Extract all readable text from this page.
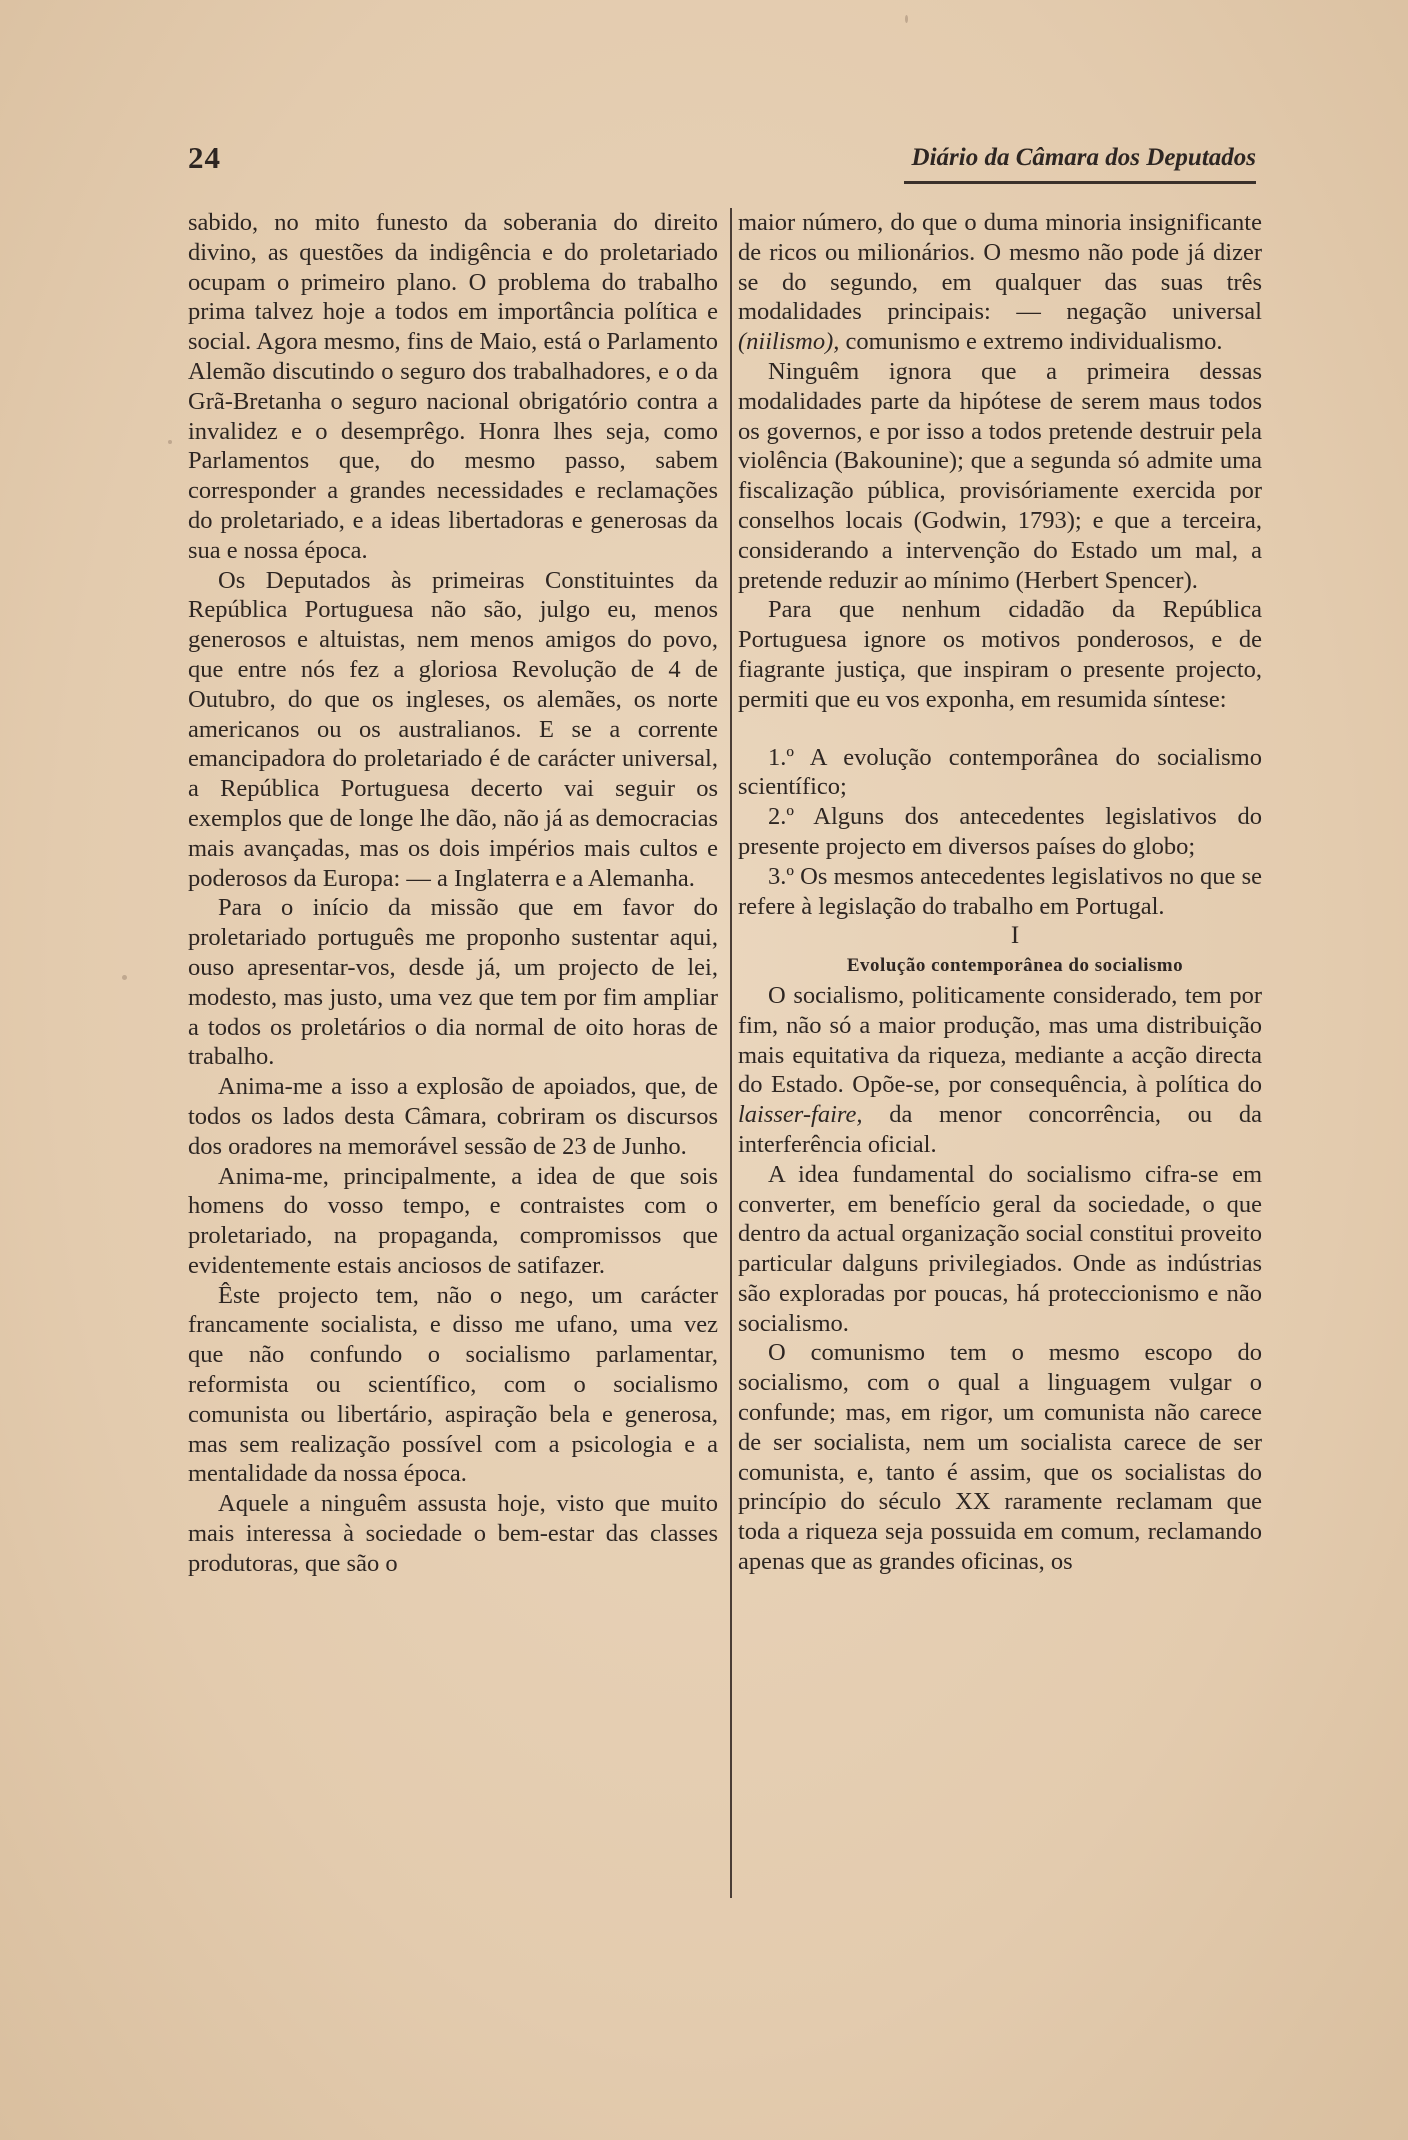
24	Diário da Câmara dos Deputados

sabido, no mito funesto da soberania do direito divino, as questões da indigência e do proletariado ocupam o primeiro plano. O problema do trabalho prima talvez hoje a todos em importância política e social. Agora mesmo, fins de Maio, está o Parlamento Alemão discutindo o seguro dos trabalhadores, e o da Grã-Bretanha o seguro nacional obrigatório contra a invalidez e o desemprêgo. Honra lhes seja, como Parlamentos que, do mesmo passo, sabem corresponder a grandes necessidades e reclamações do proletariado, e a ideas libertadoras e generosas da sua e nossa época.

Os Deputados às primeiras Constituintes da República Portuguesa não são, julgo eu, menos generosos e altuistas, nem menos amigos do povo, que entre nós fez a gloriosa Revolução de 4 de Outubro, do que os ingleses, os alemães, os norte americanos ou os australianos. E se a corrente emancipadora do proletariado é de carácter universal, a República Portuguesa decerto vai seguir os exemplos que de longe lhe dão, não já as democracias mais avançadas, mas os dois impérios mais cultos e poderosos da Europa: — a Inglaterra e a Alemanha.

Para o início da missão que em favor do proletariado português me proponho sustentar aqui, ouso apresentar-vos, desde já, um projecto de lei, modesto, mas justo, uma vez que tem por fim ampliar a todos os proletários o dia normal de oito horas de trabalho.

Anima-me a isso a explosão de apoiados, que, de todos os lados desta Câmara, cobriram os discursos dos oradores na memorável sessão de 23 de Junho.

Anima-me, principalmente, a idea de que sois homens do vosso tempo, e contraistes com o proletariado, na propaganda, compromissos que evidentemente estais anciosos de satifazer.

Êste projecto tem, não o nego, um carácter francamente socialista, e disso me ufano, uma vez que não confundo o socialismo parlamentar, reformista ou scientífico, com o socialismo comunista ou libertário, aspiração bela e generosa, mas sem realização possível com a psicologia e a mentalidade da nossa época.

Aquele a ninguêm assusta hoje, visto que muito mais interessa à sociedade o bem-estar das classes produtoras, que são o

maior número, do que o duma minoria insignificante de ricos ou milionários. O mesmo não pode já dizer se do segundo, em qualquer das suas três modalidades principais: — negação universal (niilismo), comunismo e extremo individualismo.

Ninguêm ignora que a primeira dessas modalidades parte da hipótese de serem maus todos os governos, e por isso a todos pretende destruir pela violência (Bakounine); que a segunda só admite uma fiscalização pública, provisóriamente exercida por conselhos locais (Godwin, 1793); e que a terceira, considerando a intervenção do Estado um mal, a pretende reduzir ao mínimo (Herbert Spencer).

Para que nenhum cidadão da República Portuguesa ignore os motivos ponderosos, e de fiagrante justiça, que inspiram o presente projecto, permiti que eu vos exponha, em resumida síntese:

1.º A evolução contemporânea do socialismo scientífico;

2.º Alguns dos antecedentes legislativos do presente projecto em diversos países do globo;

3.º Os mesmos antecedentes legislativos no que se refere à legislação do trabalho em Portugal.

I

Evolução contemporânea do socialismo

O socialismo, politicamente considerado, tem por fim, não só a maior produção, mas uma distribuição mais equitativa da riqueza, mediante a acção directa do Estado. Opõe-se, por consequência, à política do laisser-faire, da menor concorrência, ou da interferência oficial.

A idea fundamental do socialismo cifra-se em converter, em benefício geral da sociedade, o que dentro da actual organização social constitui proveito particular dalguns privilegiados. Onde as indústrias são exploradas por poucas, há proteccionismo e não socialismo.

O comunismo tem o mesmo escopo do socialismo, com o qual a linguagem vulgar o confunde; mas, em rigor, um comunista não carece de ser socialista, nem um socialista carece de ser comunista, e, tanto é assim, que os socialistas do princípio do século XX raramente reclamam que toda a riqueza seja possuida em comum, reclamando apenas que as grandes oficinas, os
